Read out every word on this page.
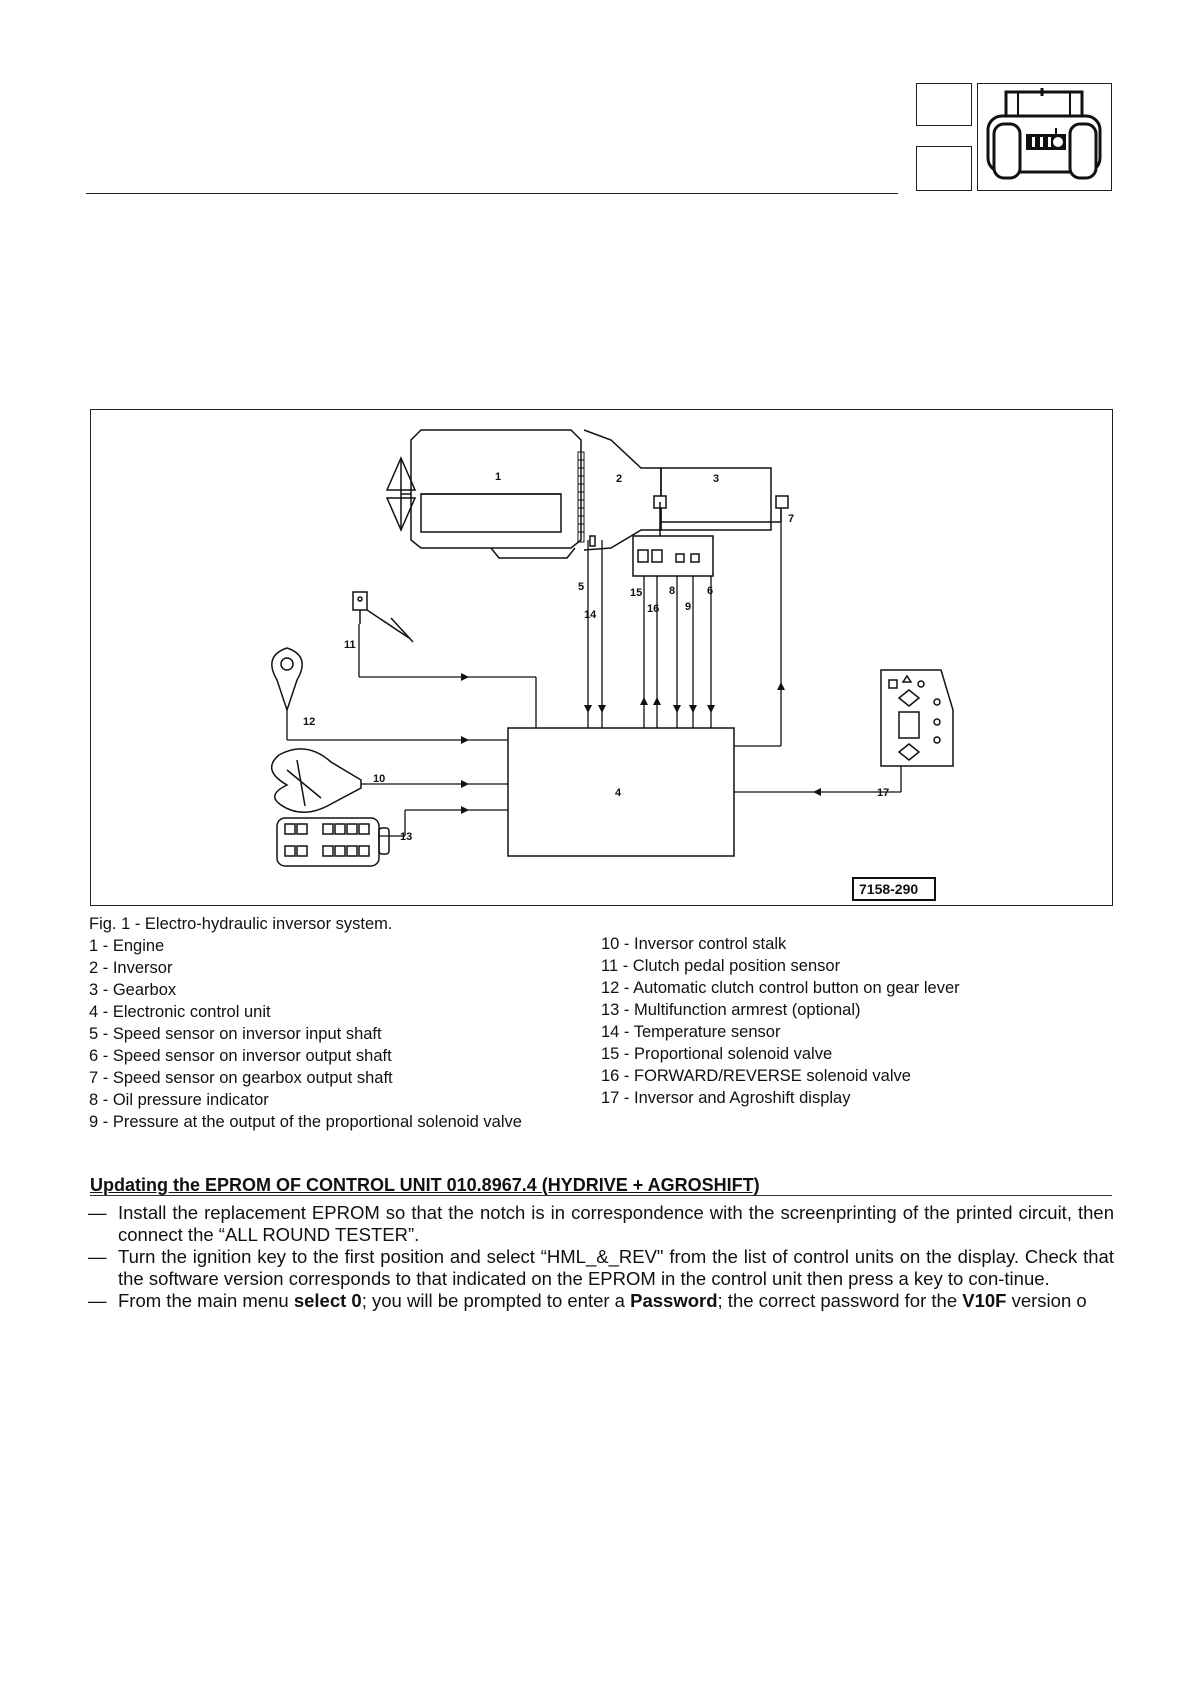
1	2	3
4
5	6
7
8
9
10
11
12
13
14
15
16
17
7158-290
Fig. 1 - Electro-hydraulic inversor system.
1 - Engine
2 - Inversor
3 - Gearbox
4 - Electronic control unit
5 - Speed sensor on inversor input shaft
6 - Speed sensor on inversor output shaft
7 - Speed sensor on gearbox output shaft
8 - Oil pressure indicator
9 - Pressure at the output of the proportional solenoid valve
10 - Inversor control stalk
11 - Clutch pedal position sensor
12 - Automatic clutch control button on gear lever
13 - Multifunction armrest (optional)
14 - Temperature sensor
15 - Proportional solenoid valve
16 - FORWARD/REVERSE solenoid valve
17 - Inversor and Agroshift display
Updating the EPROM OF CONTROL UNIT 010.8967.4 (HYDRIVE + AGROSHIFT)
— Install the replacement EPROM so that the notch is in correspondence with the screenprinting of the printed circuit, then connect the “ALL ROUND TESTER”.

— Turn the ignition key to the first position and select “HML_&_REV" from the list of control units on the display. Check that the software version corresponds to that indicated on the EPROM in the control unit then press a key to con-tinue.

— From the main menu select 0; you will be prompted to enter a Password; the correct password for the V10F version o
